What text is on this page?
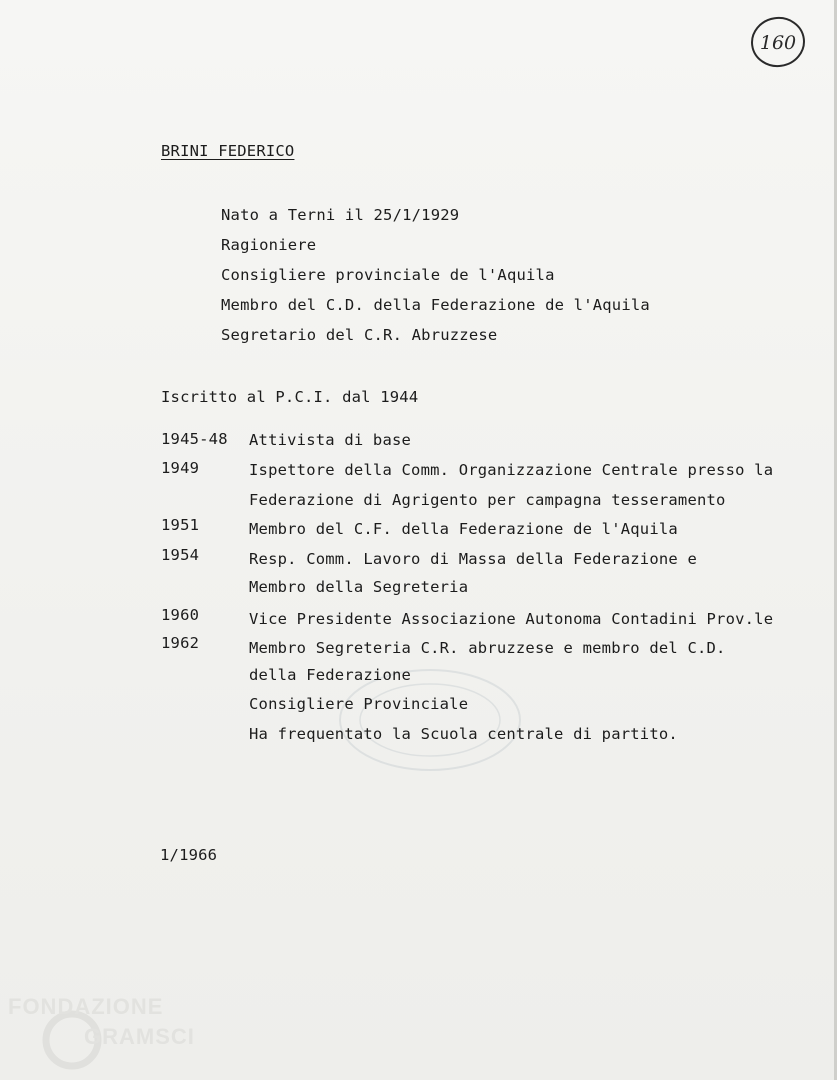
160
BRINI FEDERICO
Nato a Terni il 25/1/1929
Ragioniere
Consigliere provinciale de l'Aquila
Membro del C.D. della Federazione de l'Aquila
Segretario del C.R. Abruzzese
Iscritto al P.C.I. dal 1944
1945-48 Attivista di base
1949	Ispettore della Comm. Organizzazione Centrale presso la
Federazione di Agrigento per campagna tesseramento
1951	Membro del C.F. della Federazione de l'Aquila
1954	Resp. Comm. Lavoro di Massa della Federazione e
Membro della Segreteria
1960	Vice Presidente Associazione Autonoma Contadini Prov.le
1962	Membro Segreteria C.R. abruzzese e membro del C.D.
della Federazione
Consigliere Provinciale
Ha frequentato la Scuola centrale di partito.
1/1966
FONDAZIONE
GRAMSCI
